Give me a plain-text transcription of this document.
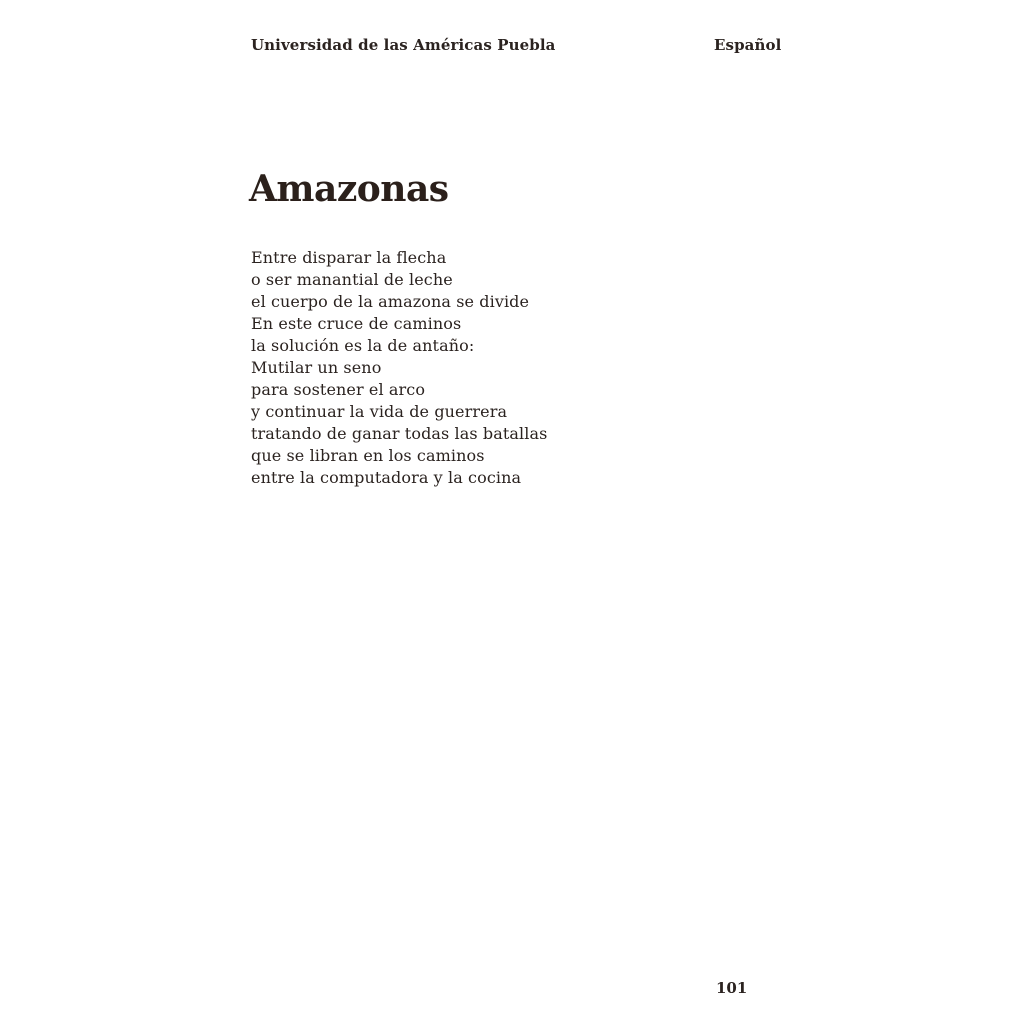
Universidad de las Américas Puebla	Español
Amazonas
Entre disparar la flecha
o ser manantial de leche
el cuerpo de la amazona se divide
En este cruce de caminos
la solución es la de antaño:
Mutilar un seno
para sostener el arco
y continuar la vida de guerrera
tratando de ganar todas las batallas
que se libran en los caminos
entre la computadora y la cocina
101
